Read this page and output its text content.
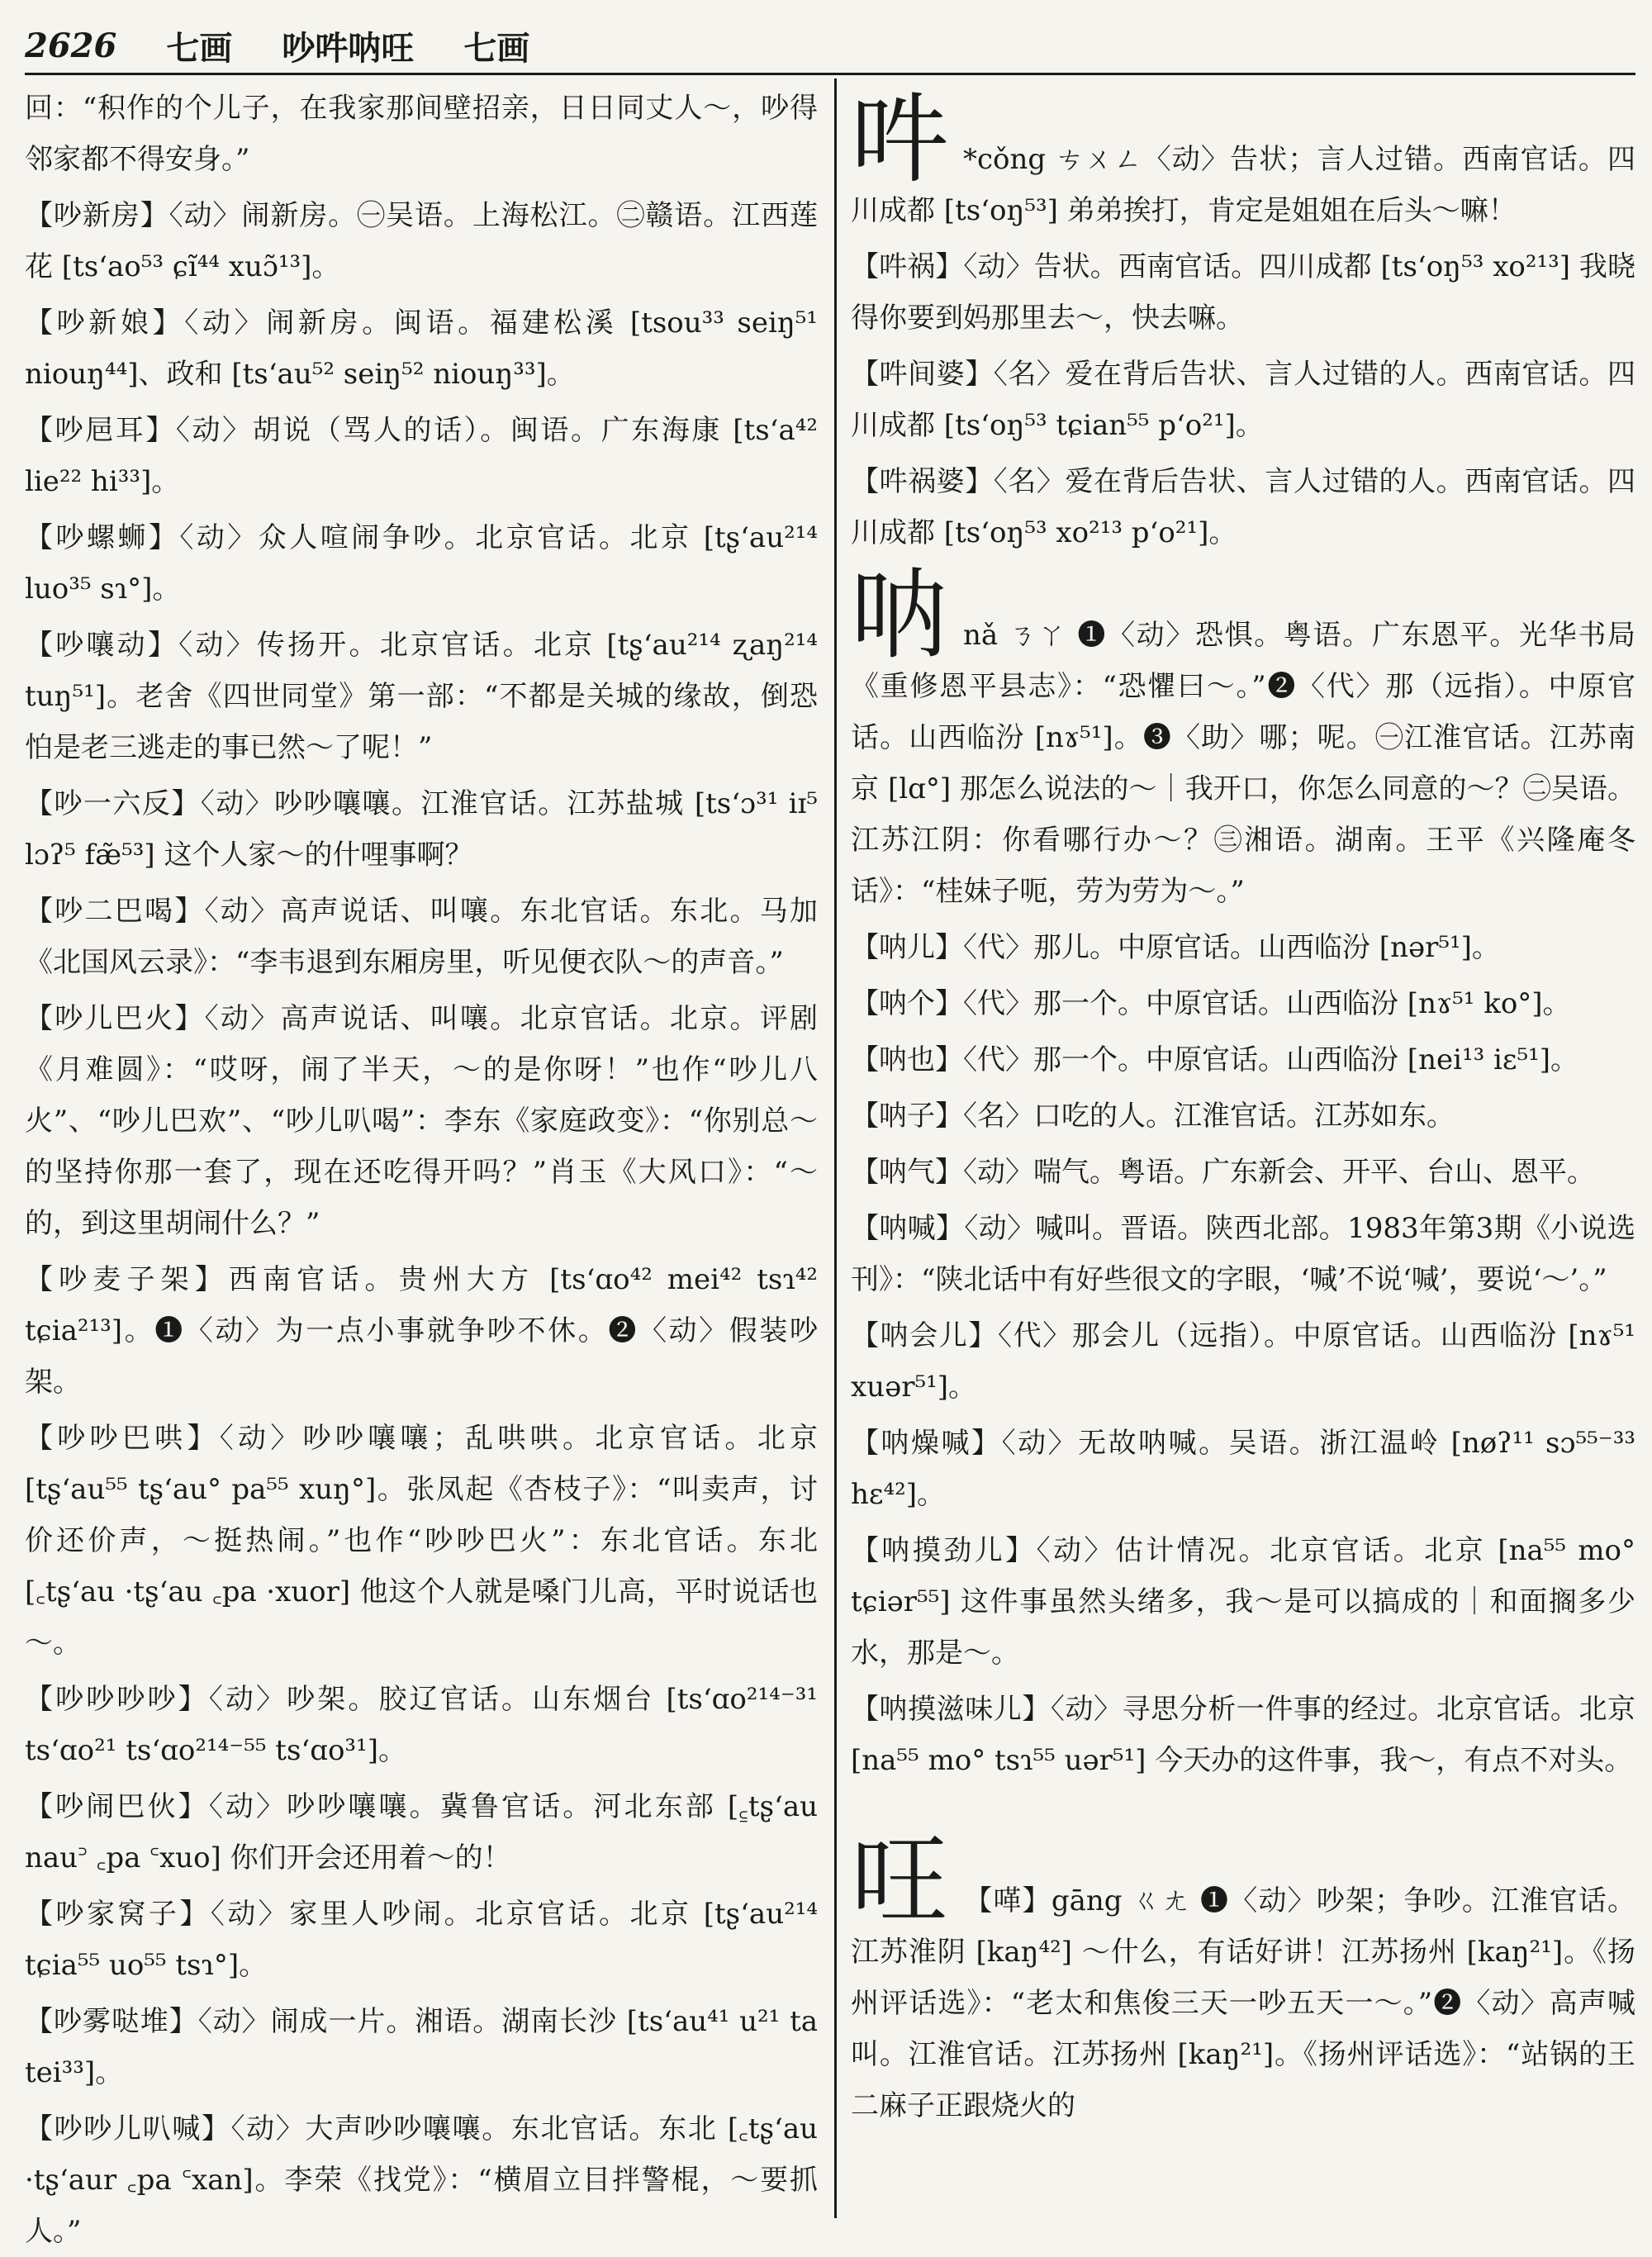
2626 七画 吵吽呐㕵 七画

回：“积作的个儿子，在我家那间壁招亲，日日同丈人～，吵得邻家都不得安身。”

【吵新房】〈动〉闹新房。㊀吴语。上海松江。㊁赣语。江西莲花 [tsʻao⁵³ ɕĩ⁴⁴ xuɔ̃¹³]。

【吵新娘】〈动〉闹新房。闽语。福建松溪 [tsou³³ seiŋ⁵¹ niouŋ⁴⁴]、政和 [tsʻau⁵² seiŋ⁵² niouŋ³³]。

【吵㞎耳】〈动〉胡说（骂人的话）。闽语。广东海康 [tsʻa⁴² lie²² hi³³]。

【吵螺蛳】〈动〉众人喧闹争吵。北京官话。北京 [tʂʻau²¹⁴ luo³⁵ sɿ°]。

【吵嚷动】〈动〉传扬开。北京官话。北京 [tʂʻau²¹⁴ ʐaŋ²¹⁴ tuŋ⁵¹]。老舍《四世同堂》第一部：“不都是关城的缘故，倒恐怕是老三逃走的事已然～了呢！”

【吵一六反】〈动〉吵吵嚷嚷。江淮官话。江苏盐城 [tsʻɔ³¹ iɪ⁵ lɔʔ⁵ fæ̃⁵³] 这个人家～的什哩事啊？

【吵二巴喝】〈动〉高声说话、叫嚷。东北官话。东北。马加《北国风云录》：“李韦退到东厢房里，听见便衣队～的声音。”

【吵儿巴火】〈动〉高声说话、叫嚷。北京官话。北京。评剧《月难圆》：“哎呀，闹了半天，～的是你呀！”也作“吵儿八火”、“吵儿巴欢”、“吵儿叭喝”：李东《家庭政变》：“你别总～的坚持你那一套了，现在还吃得开吗？”肖玉《大风口》：“～的，到这里胡闹什么？”

【吵麦子架】西南官话。贵州大方 [tsʻɑo⁴² mei⁴² tsɿ⁴² tɕia²¹³]。❶〈动〉为一点小事就争吵不休。❷〈动〉假装吵架。

【吵吵巴哄】〈动〉吵吵嚷嚷；乱哄哄。北京官话。北京 [tʂʻau⁵⁵ tʂʻau° pa⁵⁵ xuŋ°]。张凤起《杏枝子》：“叫卖声，讨价还价声，～挺热闹。”也作“吵吵巴火”：东北官话。东北 [꜀tʂʻau ·tʂʻau ꜀pa ·xuor] 他这个人就是嗓门儿高，平时说话也～。

【吵吵吵吵】〈动〉吵架。胶辽官话。山东烟台 [tsʻɑo²¹⁴⁻³¹ tsʻɑo²¹ tsʻɑo²¹⁴⁻⁵⁵ tsʻɑo³¹]。

【吵闹巴伙】〈动〉吵吵嚷嚷。冀鲁官话。河北东部 [꜁tʂʻau nau꜄ ꜀pa ꜂xuo] 你们开会还用着～的！

【吵家窝子】〈动〉家里人吵闹。北京官话。北京 [tʂʻau²¹⁴ tɕia⁵⁵ uo⁵⁵ tsɿ°]。

【吵雾哒堆】〈动〉闹成一片。湘语。湖南长沙 [tsʻau⁴¹ u²¹ ta tei³³]。

【吵吵儿叭喊】〈动〉大声吵吵嚷嚷。东北官话。东北 [꜀tʂʻau ·tʂʻaur ꜀pa ꜂xan]。李荣《找党》：“横眉立目拌警棍，～要抓人。”

吽 *cǒng ㄘㄨㄥ〈动〉告状；言人过错。西南官话。四川成都 [tsʻoŋ⁵³] 弟弟挨打，肯定是姐姐在后头～嘛！

【吽祸】〈动〉告状。西南官话。四川成都 [tsʻoŋ⁵³ xo²¹³] 我晓得你要到妈那里去～，快去嘛。

【吽间婆】〈名〉爱在背后告状、言人过错的人。西南官话。四川成都 [tsʻoŋ⁵³ tɕian⁵⁵ pʻo²¹]。

【吽祸婆】〈名〉爱在背后告状、言人过错的人。西南官话。四川成都 [tsʻoŋ⁵³ xo²¹³ pʻo²¹]。

呐nǎ ㄋㄚ ❶〈动〉恐惧。粤语。广东恩平。光华书局《重修恩平县志》：“恐懼曰～。”❷〈代〉那（远指）。中原官话。山西临汾 [nɤ⁵¹]。❸〈助〉哪；呢。㊀江淮官话。江苏南京 [lɑ°] 那怎么说法的～｜我开口，你怎么同意的～？㊁吴语。江苏江阴：你看哪行办～？㊂湘语。湖南。王平《兴隆庵冬话》：“桂妹子呃，劳为劳为～。”

【呐儿】〈代〉那儿。中原官话。山西临汾 [nər⁵¹]。

【呐个】〈代〉那一个。中原官话。山西临汾 [nɤ⁵¹ ko°]。

【呐也】〈代〉那一个。中原官话。山西临汾 [nei¹³ iɛ⁵¹]。

【呐子】〈名〉口吃的人。江淮官话。江苏如东。

【呐气】〈动〉喘气。粤语。广东新会、开平、台山、恩平。

【呐喊】〈动〉喊叫。晋语。陕西北部。1983年第3期《小说选刊》：“陕北话中有好些很文的字眼，‘喊’不说‘喊’，要说‘～’。”

【呐会儿】〈代〉那会儿（远指）。中原官话。山西临汾 [nɤ⁵¹ xuər⁵¹]。

【呐燥喊】〈动〉无故呐喊。吴语。浙江温岭 [nøʔ¹¹ sɔ⁵⁵⁻³³ hɛ⁴²]。

【呐摸劲儿】〈动〉估计情况。北京官话。北京 [na⁵⁵ mo° tɕiər⁵⁵] 这件事虽然头绪多，我～是可以搞成的｜和面搁多少水，那是～。

【呐摸滋味儿】〈动〉寻思分析一件事的经过。北京官话。北京 [na⁵⁵ mo° tsɿ⁵⁵ uər⁵¹] 今天办的这件事，我～，有点不对头。

㕵 【㗆】gāng ㄍㄤ ❶〈动〉吵架；争吵。江淮官话。江苏淮阴 [kaŋ⁴²] ～什么，有话好讲！江苏扬州 [kaŋ²¹]。《扬州评话选》：“老太和焦俊三天一吵五天一～。”❷〈动〉高声喊叫。江淮官话。江苏扬州 [kaŋ²¹]。《扬州评话选》：“站锅的王二麻子正跟烧火的
